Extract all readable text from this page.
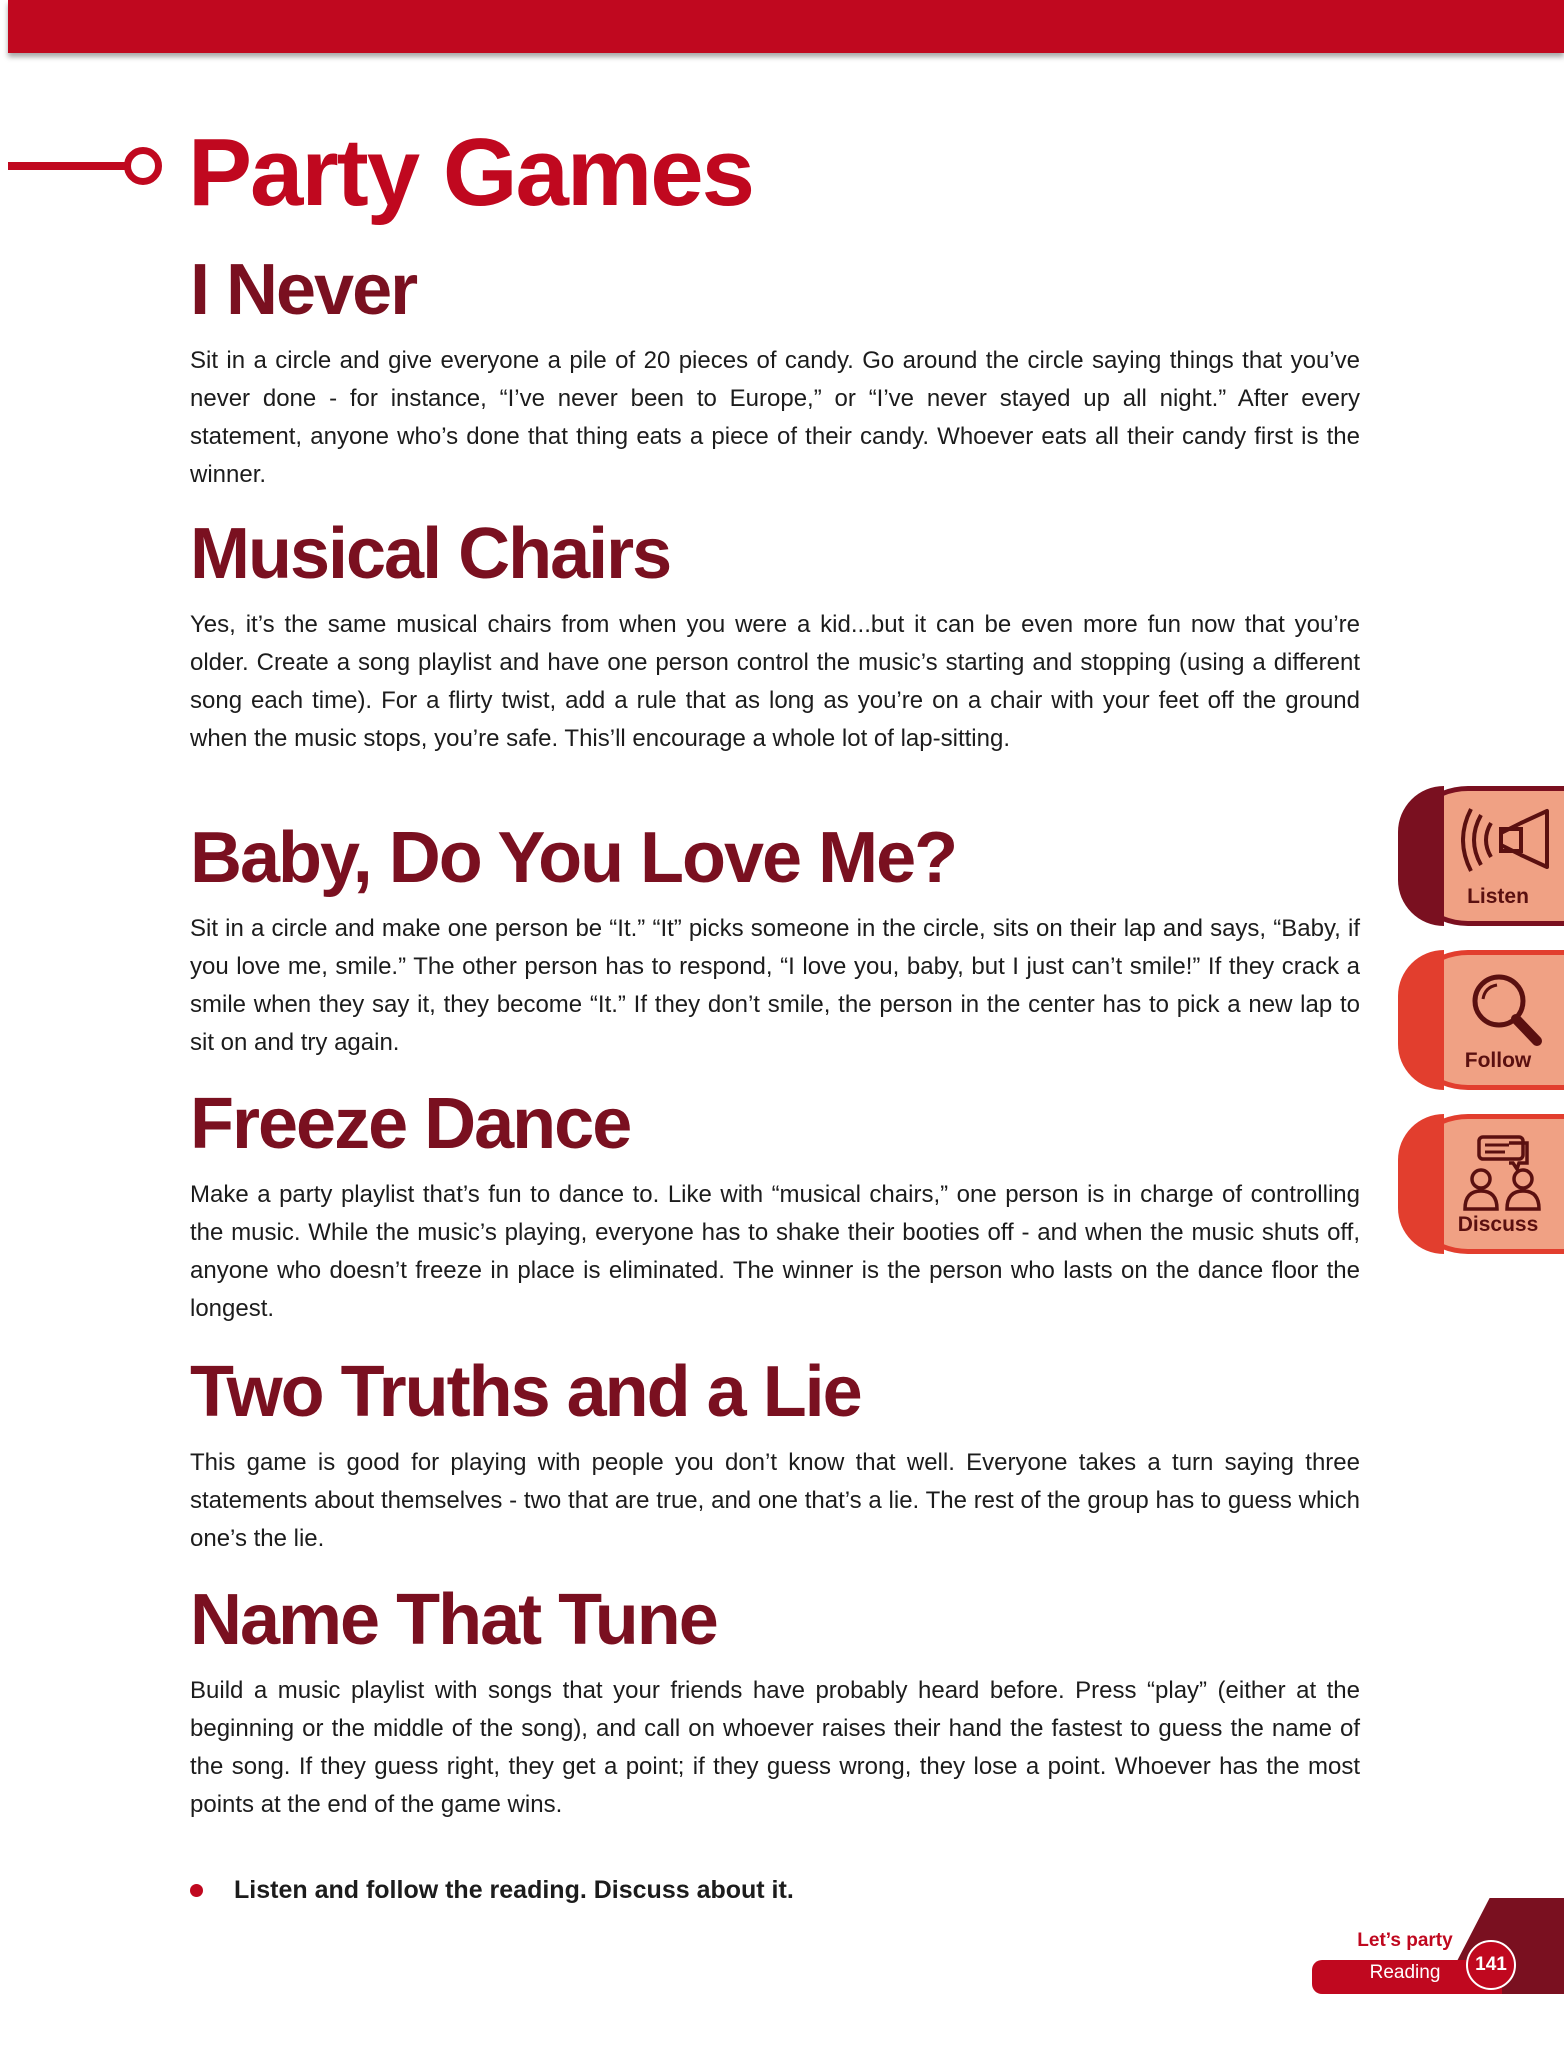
Party Games
I Never

Sit in a circle and give everyone a pile of 20 pieces of candy. Go around the circle saying things that you’ve never done - for instance, “I’ve never been to Europe,” or “I’ve never stayed up all night.” After every statement, anyone who’s done that thing eats a piece of their candy. Whoever eats all their candy first is the winner.

Musical Chairs

Yes, it’s the same musical chairs from when you were a kid...but it can be even more fun now that you’re older. Create a song playlist and have one person control the music’s starting and stopping (using a different song each time). For a flirty twist, add a rule that as long as you’re on a chair with your feet off the ground when the music stops, you’re safe. This’ll encourage a whole lot of lap-sitting.

Baby, Do You Love Me?

Sit in a circle and make one person be “It.” “It” picks someone in the circle, sits on their lap and says, “Baby, if you love me, smile.” The other person has to respond, “I love you, baby, but I just can’t smile!” If they crack a smile when they say it, they become “It.” If they don’t smile, the person in the center has to pick a new lap to sit on and try again.

Freeze Dance

Make a party playlist that’s fun to dance to. Like with “musical chairs,” one person is in charge of controlling the music. While the music’s playing, everyone has to shake their booties off - and when the music shuts off, anyone who doesn’t freeze in place is eliminated. The winner is the person who lasts on the dance floor the longest.

Two Truths and a Lie

This game is good for playing with people you don’t know that well. Everyone takes a turn saying three statements about themselves - two that are true, and one that’s a lie. The rest of the group has to guess which one’s the lie.

Name That Tune

Build a music playlist with songs that your friends have probably heard before. Press “play” (either at the beginning or the middle of the song), and call on whoever raises their hand the fastest to guess the name of the song. If they guess right, they get a point; if they guess wrong, they lose a point. Whoever has the most points at the end of the game wins.

Listen and follow the reading. Discuss about it.
Listen
Follow
Discuss
Let’s party
Reading	141
